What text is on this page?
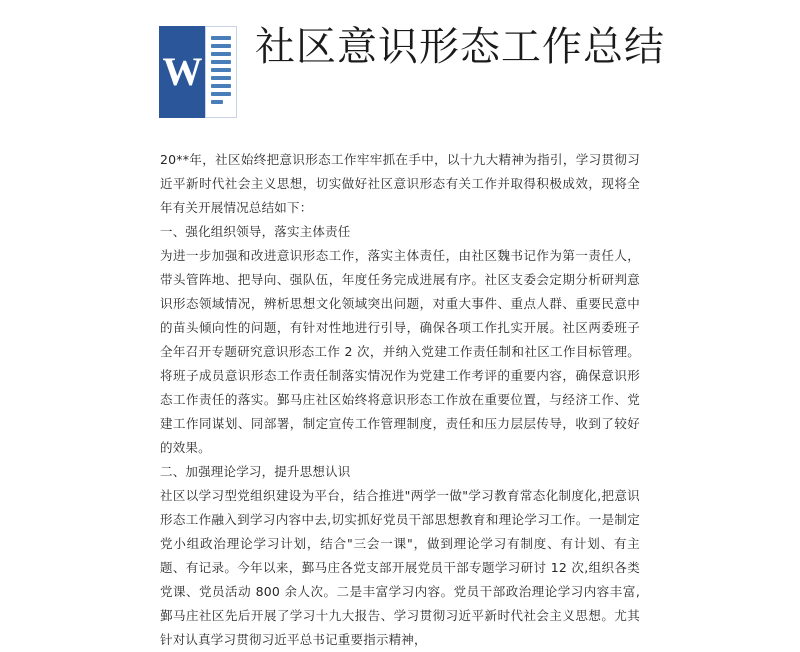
W
社区意识形态工作总结

20**年，社区始终把意识形态工作牢牢抓在手中，以十九大精神为指引，学习贯彻习近平新时代社会主义思想，切实做好社区意识形态有关工作并取得积极成效，现将全年有关开展情况总结如下：

一、强化组织领导，落实主体责任

为进一步加强和改进意识形态工作，落实主体责任，由社区魏书记作为第一责任人，带头管阵地、把导向、强队伍，年度任务完成进展有序。社区支委会定期分析研判意识形态领域情况，辨析思想文化领域突出问题，对重大事件、重点人群、重要民意中的苗头倾向性的问题，有针对性地进行引导，确保各项工作扎实开展。社区两委班子全年召开专题研究意识形态工作 2 次，并纳入党建工作责任制和社区工作目标管理。将班子成员意识形态工作责任制落实情况作为党建工作考评的重要内容，确保意识形态工作责任的落实。鄞马庄社区始终将意识形态工作放在重要位置，与经济工作、党建工作同谋划、同部署，制定宣传工作管理制度，责任和压力层层传导，收到了较好的效果。

二、加强理论学习，提升思想认识

社区以学习型党组织建设为平台，结合推进"两学一做"学习教育常态化制度化,把意识形态工作融入到学习内容中去,切实抓好党员干部思想教育和理论学习工作。一是制定党小组政治理论学习计划，结合"三会一课"，做到理论学习有制度、有计划、有主题、有记录。今年以来，鄞马庄各党支部开展党员干部专题学习研讨 12 次,组织各类党课、党员活动 800 余人次。二是丰富学习内容。党员干部政治理论学习内容丰富,鄞马庄社区先后开展了学习十九大报告、学习贯彻习近平新时代社会主义思想。尤其针对认真学习贯彻习近平总书记重要指示精神，
